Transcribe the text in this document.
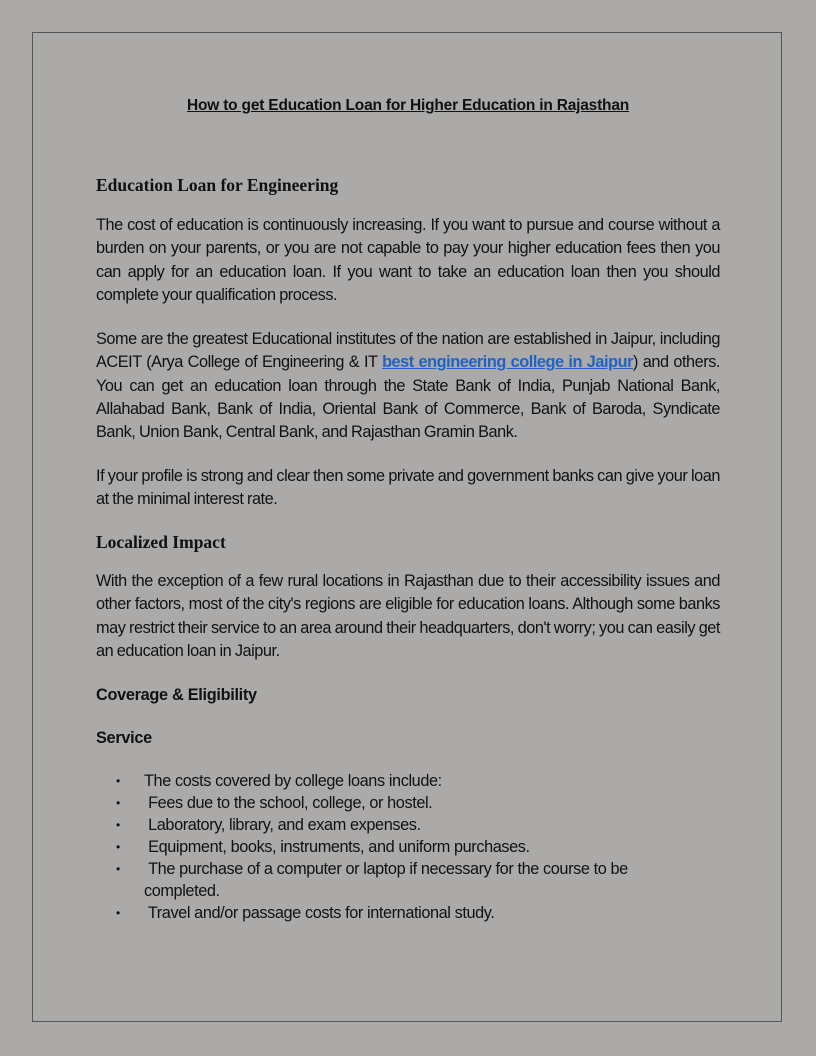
How to get Education Loan for Higher Education in Rajasthan
Education Loan for Engineering
The cost of education is continuously increasing. If you want to pursue and course without a burden on your parents, or you are not capable to pay your higher education fees then you can apply for an education loan. If you want to take an education loan then you should complete your qualification process.
Some are the greatest Educational institutes of the nation are established in Jaipur, including ACEIT (Arya College of Engineering & IT best engineering college in Jaipur) and others. You can get an education loan through the State Bank of India, Punjab National Bank, Allahabad Bank, Bank of India, Oriental Bank of Commerce, Bank of Baroda, Syndicate Bank, Union Bank, Central Bank, and Rajasthan Gramin Bank.
If your profile is strong and clear then some private and government banks can give your loan at the minimal interest rate.
Localized Impact
With the exception of a few rural locations in Rajasthan due to their accessibility issues and other factors, most of the city's regions are eligible for education loans. Although some banks may restrict their service to an area around their headquarters, don't worry; you can easily get an education loan in Jaipur.
Coverage & Eligibility
Service
• The costs covered by college loans include:
• Fees due to the school, college, or hostel.
• Laboratory, library, and exam expenses.
• Equipment, books, instruments, and uniform purchases.
• The purchase of a computer or laptop if necessary for the course to be completed.
• Travel and/or passage costs for international study.
